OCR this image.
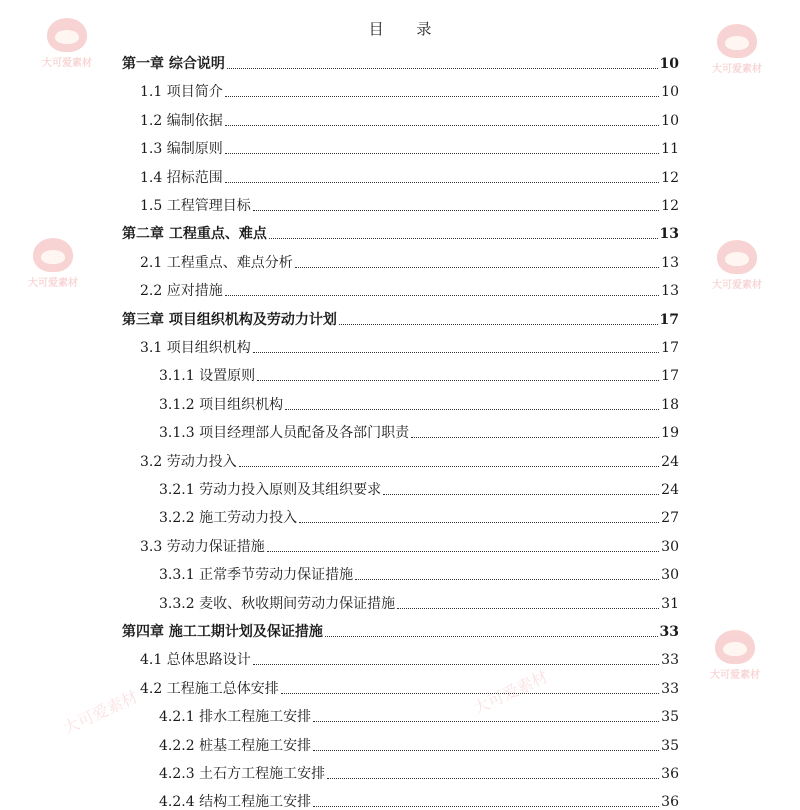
大可爱素材
大可爱素材
大可爱素材	大可爱素材
大可爱素材
大可爱素材	大可爱素材
目 录
第一章 综合说明	10
1.1 项目简介	10
1.2 编制依据	10
1.3 编制原则	11
1.4 招标范围	12
1.5 工程管理目标	12
第二章 工程重点、难点	13
2.1 工程重点、难点分析	13
2.2 应对措施	13
第三章 项目组织机构及劳动力计划	17
3.1 项目组织机构	17
3.1.1 设置原则	17
3.1.2 项目组织机构	18
3.1.3 项目经理部人员配备及各部门职责	19
3.2 劳动力投入	24
3.2.1 劳动力投入原则及其组织要求	24
3.2.2 施工劳动力投入	27
3.3 劳动力保证措施	30
3.3.1 正常季节劳动力保证措施	30
3.3.2 麦收、秋收期间劳动力保证措施	31
第四章 施工工期计划及保证措施	33
4.1 总体思路设计	33
4.2 工程施工总体安排	33
4.2.1 排水工程施工安排	35
4.2.2 桩基工程施工安排	35
4.2.3 土石方工程施工安排	36
4.2.4 结构工程施工安排	36
